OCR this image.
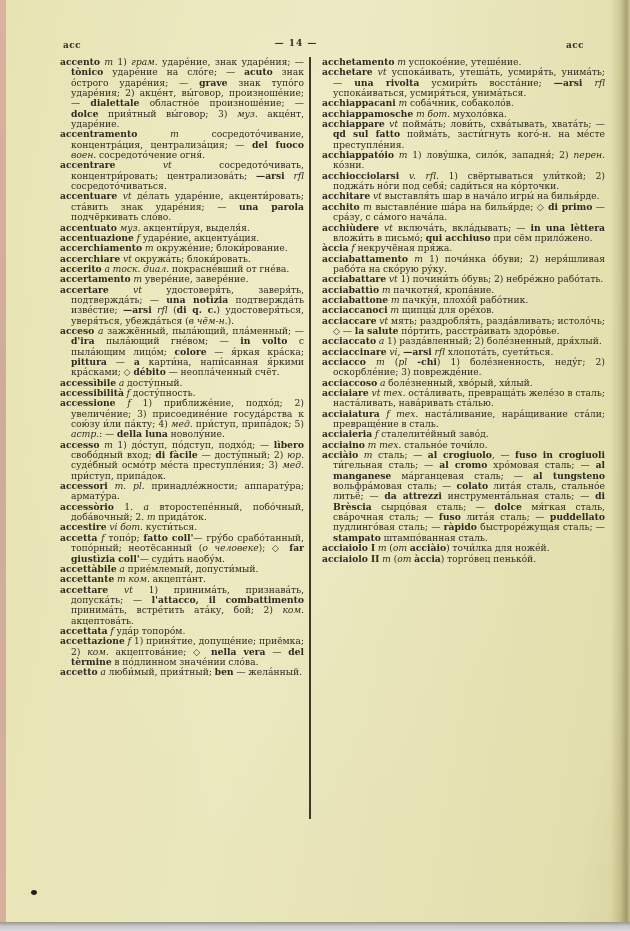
acc	— 14 —	acc

accento m 1) грам. ударе́ние, знак ударе́ния; — tònico ударе́ние на сло́ге; — acuto знак о́строго ударе́ния; — grave знак тупо́го ударе́ния; 2) акце́нт, вы́говор, произноше́ние; — dialettale областно́е произноше́ние; — dolce прия́тный вы́говор; 3) муз. акце́нт, ударе́ние.

accentramento	m сосредото́чивание, концентра́ция, централиза́ция; — del fuoco воен. сосредото́чение огня́.

accentrare	vt сосредото́чивать, концентри́ровать; централизова́ть; —arsi rfl сосредото́чиваться.

accentuare vt де́лать ударе́ние, акценти́ровать; ста́вить знак ударе́ния; — una parola подчёркивать сло́во.

accentuato муз. акценти́руя, выделя́я.

accentuazione f ударе́ние, акцентуа́ция.

accerchiamento m окруже́ние; блоки́рование.

accerchiare vt окружа́ть; блоки́ровать.

accerito a тоск. диал. покрасне́вший от гне́ва.

accertamento m увере́ние, завере́ние.

accertare	vt удостоверя́ть, заверя́ть, подтвержда́ть; — una notìzia подтвержда́ть изве́стие; —arsi rfl (di q. c.) удостоверя́ться, уверя́ться, убежда́ться (в чём-н.).

acceso a зажжённый, пыла́ющий, пла́менный; — d'ira пыла́ющий гне́вом; — in volto с пыла́ющим лицо́м; colore — я́ркая кра́ска; pittura — a карти́на, напи́санная я́ркими кра́сками; ◇ débito — неопла́ченный счёт.

accessìbile a досту́пный.

accessibilità f досту́пность.

accessione f 1) приближе́ние, подхо́д; 2) увеличе́ние; 3) присоедине́ние госуда́рства к сою́зу и́ли па́кту; 4) мед. при́ступ, припа́док; 5) астр.: — della luna новолу́ние.

accesso m 1) до́ступ, по́дступ, подхо́д; — lìbero свобо́дный вход; di fàcile — досту́пный; 2) юр. суде́бный осмо́тр ме́ста преступле́ния; 3) мед. при́ступ, припа́док.

accessori m. pl. принадле́жности; аппарату́ра; армату́ра.

accessòrio 1. a второстепе́нный, побо́чный, доба́вочный; 2. m прида́ток.

accestire vi бот. кусти́ться.

accetta f топо́р; fatto coll'— гру́бо срабо́танный, топо́рный; неотёсанный (о человеке); ◇ far giustìzia coll'— суди́ть наобу́м.

accettàbile a прие́млемый, допусти́мый.

accettante m ком. акцепта́нт.

accettare vt 1) принима́ть, признава́ть, допуска́ть; — l'attacco, il combattimento принима́ть, встре́тить ата́ку, бой; 2) ком. акцептова́ть.

accettata f уда́р топоро́м.

accettazione f 1) приня́тие, допуще́ние; приёмка; 2) ком. акцептова́ние; ◇ nella vera — del tèrmine в по́длинном значе́нии сло́ва.

accetto a люби́мый, прия́тный; ben — жела́нный.

acchetamento m успокое́ние, утеше́ние.

acchetare vt успока́ивать, утеша́ть, усмиря́ть, унима́ть; — una rivolta усмири́ть восста́ние; —arsi rfl успока́иваться, усмиря́ться, унима́ться.

acchiappacani m соба́чник, собаколо́в.

acchiappamosche m бот. мухоло́вка.

acchiappare vt пойма́ть; лови́ть, схва́тывать, хвата́ть; — qd sul fatto пойма́ть, засти́гнуть кого́-н. на ме́сте преступле́ния.

acchiappatóio m 1) лову́шка, сило́к, западня́; 2) перен. ко́зни.

acchiocciolarsi v. rfl. 1) свёртываться ули́ткой; 2) поджа́ть но́ги под себя́; сади́ться на ко́рточки.

acchitare vt выставля́ть шар в нача́ло игры́ на билья́рде.

acchito m выставле́ние ша́ра на билья́рде; ◇ di primo — сра́зу, с са́мого нача́ла.

acchiùdere vt включа́ть, вкла́дывать; — in una lèttera вложи́ть в письмо́; qui acchiuso при сём прило́жено.

àccia f некручёная пря́жа.

acciabattamento m 1) почи́нка о́буви; 2) неря́шливая рабо́та на ско́рую ру́ку.

acciabattare vt 1) почини́ть о́бувь; 2) небре́жно рабо́тать.

acciabattìo m пачкотня́, кропа́ние.

acciabattone m пачку́н, плохо́й рабо́тник.

acciaccanoci m щипцы́ для оре́хов.

acciaccare vt мять; раздробля́ть, разда́вливать; истоло́чь; ◇ — la salute по́ртить, расстра́ивать здоро́вье.

acciaccato a 1) разда́вленный; 2) боле́зненный, дря́хлый.

acciaccinare vi, —arsi rfl хлопота́ть, суети́ться.

acciacco m (pl -chi) 1) боле́зненность, неду́г; 2) оскорбле́ние; 3) поврежде́ние.

acciaccoso a боле́зненный, хво́рый, хи́лый.

acciaiare vt тех. оста́ливать, превраща́ть желе́зо в сталь; наста́ливать, нава́ривать ста́лью.

acciaiatura f тех. наста́ливание, нара́щивание ста́ли; превраще́ние в сталь.

acciaieria f сталелите́йный заво́д.

acciaino m тех. стально́е точи́ло.

acciàio m сталь; — al crogiuolo, — fuso in crogiuoli ти́гельная сталь; — al cromo хро́мовая сталь; — al manganese ма́рганцевая сталь; — al tungsteno вольфра́мовая сталь; — colato лита́я сталь, стально́е литьё; — da attrezzi инструмента́льная сталь; — di Brèscia сырцо́вая сталь; — dolce мя́гкая сталь, сва́рочная сталь; — fuso лита́я сталь; — puddellato пудлинго́вая сталь; — ràpido быстроре́жущая сталь; — stampato штампо́ванная сталь.

acciaiolo I m (от acciàio) точи́лка для ноже́й.

acciaiolo II m (от àccia) торго́вец пенько́й.
